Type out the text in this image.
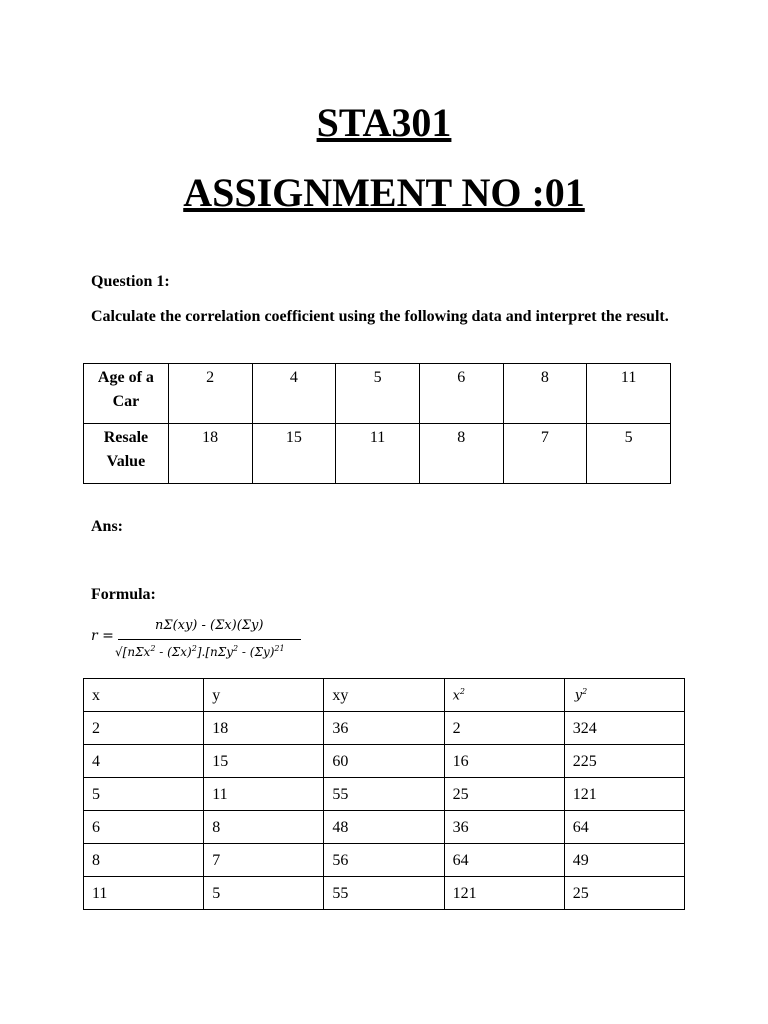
STA301
ASSIGNMENT NO :01
Question 1:
Calculate the correlation coefficient using the following data and interpret the result.
Age of a Car	2	4	5	6	8	11
Resale Value	18	15	11	8	7	5
Ans:
Formula:
r =
nΣ(xy) - (Σx)(Σy)
$√[n\Sigma x^2 - (\Sigma x)^2].[n\Sigma y^2 - (\Sigma y)^{21}$
x	y	xy	$x^2$	$y^2$
2	18	36	2	324
4	15	60	16	225
5	11	55	25	121
6	8	48	36	64
8	7	56	64	49
11	5	55	121	25
